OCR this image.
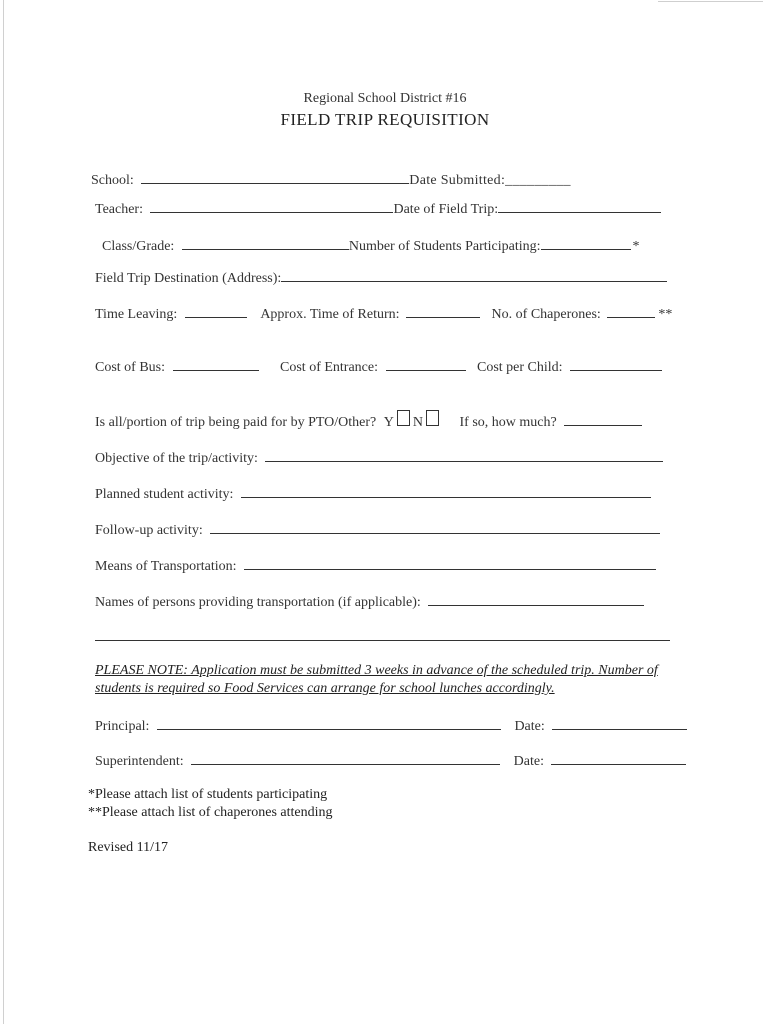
Regional School District #16
FIELD TRIP REQUISITION
School:	Date Submitted:_________
Teacher:	Date of Field Trip:
Class/Grade:	Number of Students Participating:	*
Field Trip Destination (Address):
Time Leaving:	Approx. Time of Return:	No. of Chaperones:	**
Cost of Bus:	Cost of Entrance:	Cost per Child:
Is all/portion of trip being paid for by PTO/Other? Y N	If so, how much?
Objective of the trip/activity:
Planned student activity:
Follow-up activity:
Means of Transportation:
Names of persons providing transportation (if applicable):
PLEASE NOTE: Application must be submitted 3 weeks in advance of the scheduled trip. Number of students is required so Food Services can arrange for school lunches accordingly.
Principal:	Date:
Superintendent:	Date:
*Please attach list of students participating
**Please attach list of chaperones attending
Revised 11/17
